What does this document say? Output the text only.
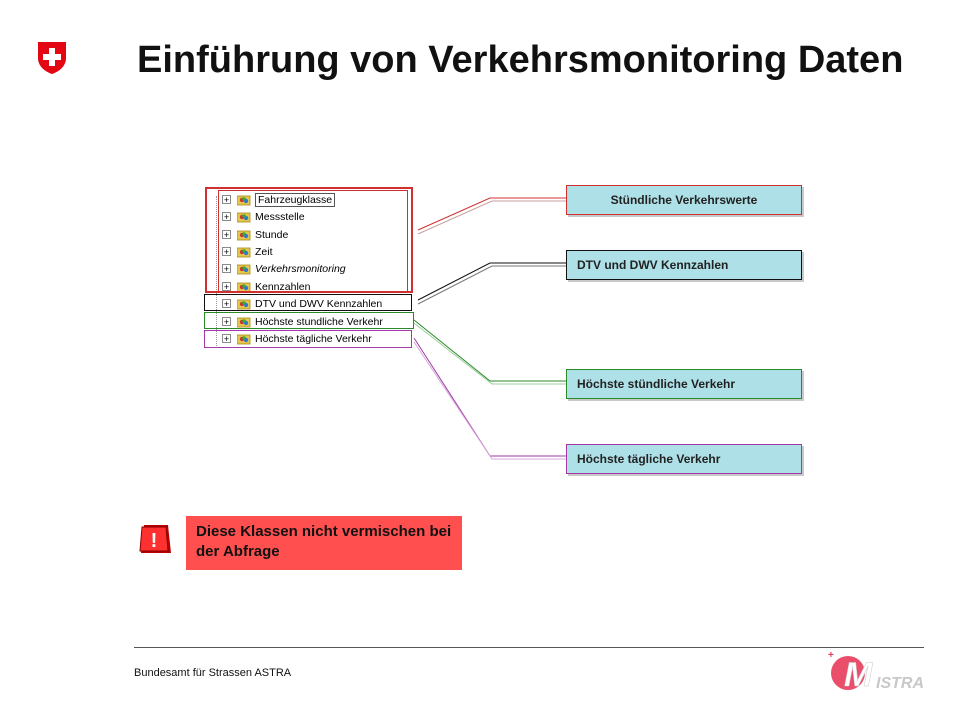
Einführung von Verkehrsmonitoring Daten
+	Fahrzeugklasse
+ Messstelle
+ Stunde
+ Zeit
+ Verkehrsmonitoring
+ Kennzahlen
+ DTV und DWV Kennzahlen
+ Höchste stundliche Verkehr
+ Höchste tägliche Verkehr
Stündliche Verkehrswerte
DTV und DWV Kennzahlen
Höchste stündliche Verkehr
Höchste tägliche Verkehr
!	Diese Klassen nicht vermischen bei der Abfrage
Bundesamt für Strassen ASTRA	M
+
ISTRA
